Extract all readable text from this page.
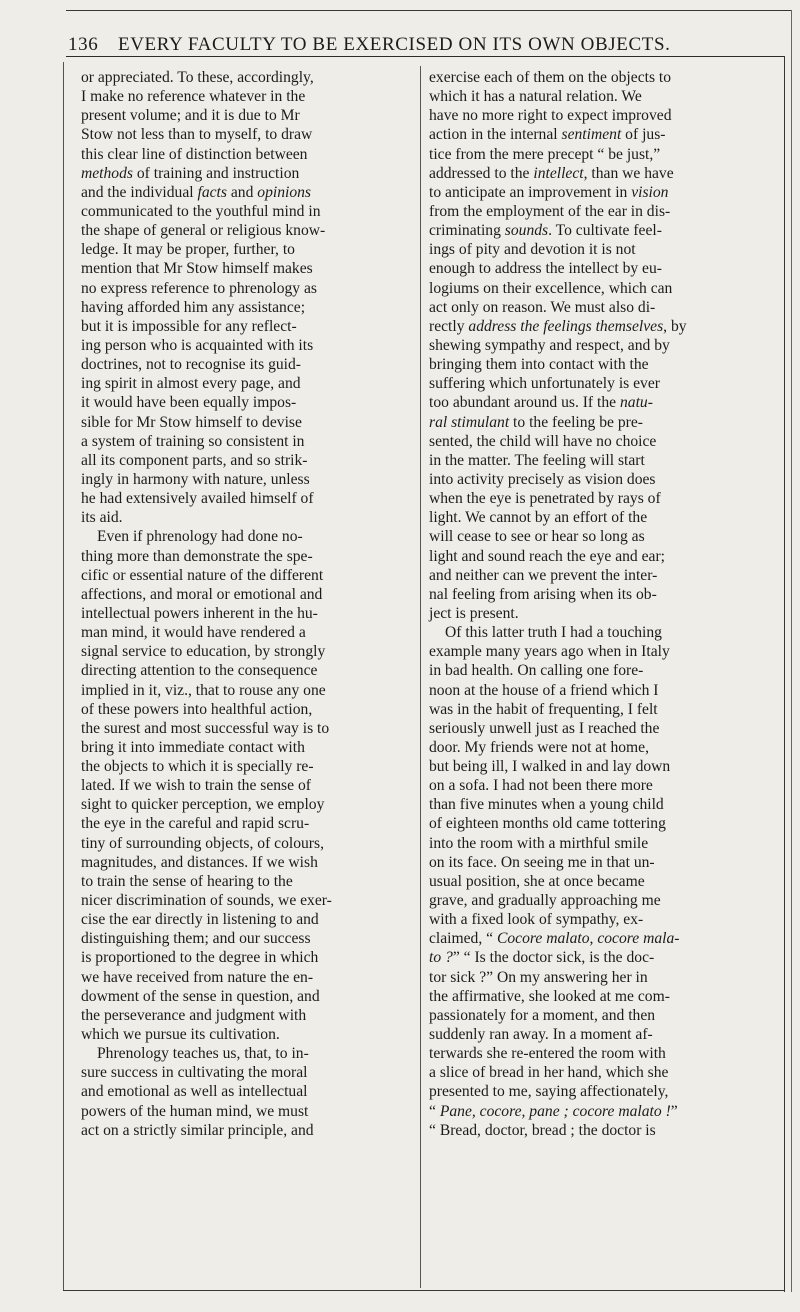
136 EVERY FACULTY TO BE EXERCISED ON ITS OWN OBJECTS.
or appreciated. To these, accordingly,
I make no reference whatever in the
present volume; and it is due to Mr
Stow not less than to myself, to draw
this clear line of distinction between
methods of training and instruction
and the individual facts and opinions
communicated to the youthful mind in
the shape of general or religious know-
ledge. It may be proper, further, to
mention that Mr Stow himself makes
no express reference to phrenology as
having afforded him any assistance;
but it is impossible for any reflect-
ing person who is acquainted with its
doctrines, not to recognise its guid-
ing spirit in almost every page, and
it would have been equally impos-
sible for Mr Stow himself to devise
a system of training so consistent in
all its component parts, and so strik-
ingly in harmony with nature, unless
he had extensively availed himself of
its aid.
Even if phrenology had done no-
thing more than demonstrate the spe-
cific or essential nature of the different
affections, and moral or emotional and
intellectual powers inherent in the hu-
man mind, it would have rendered a
signal service to education, by strongly
directing attention to the consequence
implied in it, viz., that to rouse any one
of these powers into healthful action,
the surest and most successful way is to
bring it into immediate contact with
the objects to which it is specially re-
lated. If we wish to train the sense of
sight to quicker perception, we employ
the eye in the careful and rapid scru-
tiny of surrounding objects, of colours,
magnitudes, and distances. If we wish
to train the sense of hearing to the
nicer discrimination of sounds, we exer-
cise the ear directly in listening to and
distinguishing them; and our success
is proportioned to the degree in which
we have received from nature the en-
dowment of the sense in question, and
the perseverance and judgment with
which we pursue its cultivation.
Phrenology teaches us, that, to in-
sure success in cultivating the moral
and emotional as well as intellectual
powers of the human mind, we must
act on a strictly similar principle, and
exercise each of them on the objects to
which it has a natural relation. We
have no more right to expect improved
action in the internal sentiment of jus-
tice from the mere precept “ be just,”
addressed to the intellect, than we have
to anticipate an improvement in vision
from the employment of the ear in dis-
criminating sounds. To cultivate feel-
ings of pity and devotion it is not
enough to address the intellect by eu-
logiums on their excellence, which can
act only on reason. We must also di-
rectly address the feelings themselves, by
shewing sympathy and respect, and by
bringing them into contact with the
suffering which unfortunately is ever
too abundant around us. If the natu-
ral stimulant to the feeling be pre-
sented, the child will have no choice
in the matter. The feeling will start
into activity precisely as vision does
when the eye is penetrated by rays of
light. We cannot by an effort of the
will cease to see or hear so long as
light and sound reach the eye and ear;
and neither can we prevent the inter-
nal feeling from arising when its ob-
ject is present.
Of this latter truth I had a touching
example many years ago when in Italy
in bad health. On calling one fore-
noon at the house of a friend which I
was in the habit of frequenting, I felt
seriously unwell just as I reached the
door. My friends were not at home,
but being ill, I walked in and lay down
on a sofa. I had not been there more
than five minutes when a young child
of eighteen months old came tottering
into the room with a mirthful smile
on its face. On seeing me in that un-
usual position, she at once became
grave, and gradually approaching me
with a fixed look of sympathy, ex-
claimed, “ Cocore malato, cocore mala-
to ?” “ Is the doctor sick, is the doc-
tor sick ?” On my answering her in
the affirmative, she looked at me com-
passionately for a moment, and then
suddenly ran away. In a moment af-
terwards she re-entered the room with
a slice of bread in her hand, which she
presented to me, saying affectionately,
“ Pane, cocore, pane ; cocore malato !”
“ Bread, doctor, bread ; the doctor is
